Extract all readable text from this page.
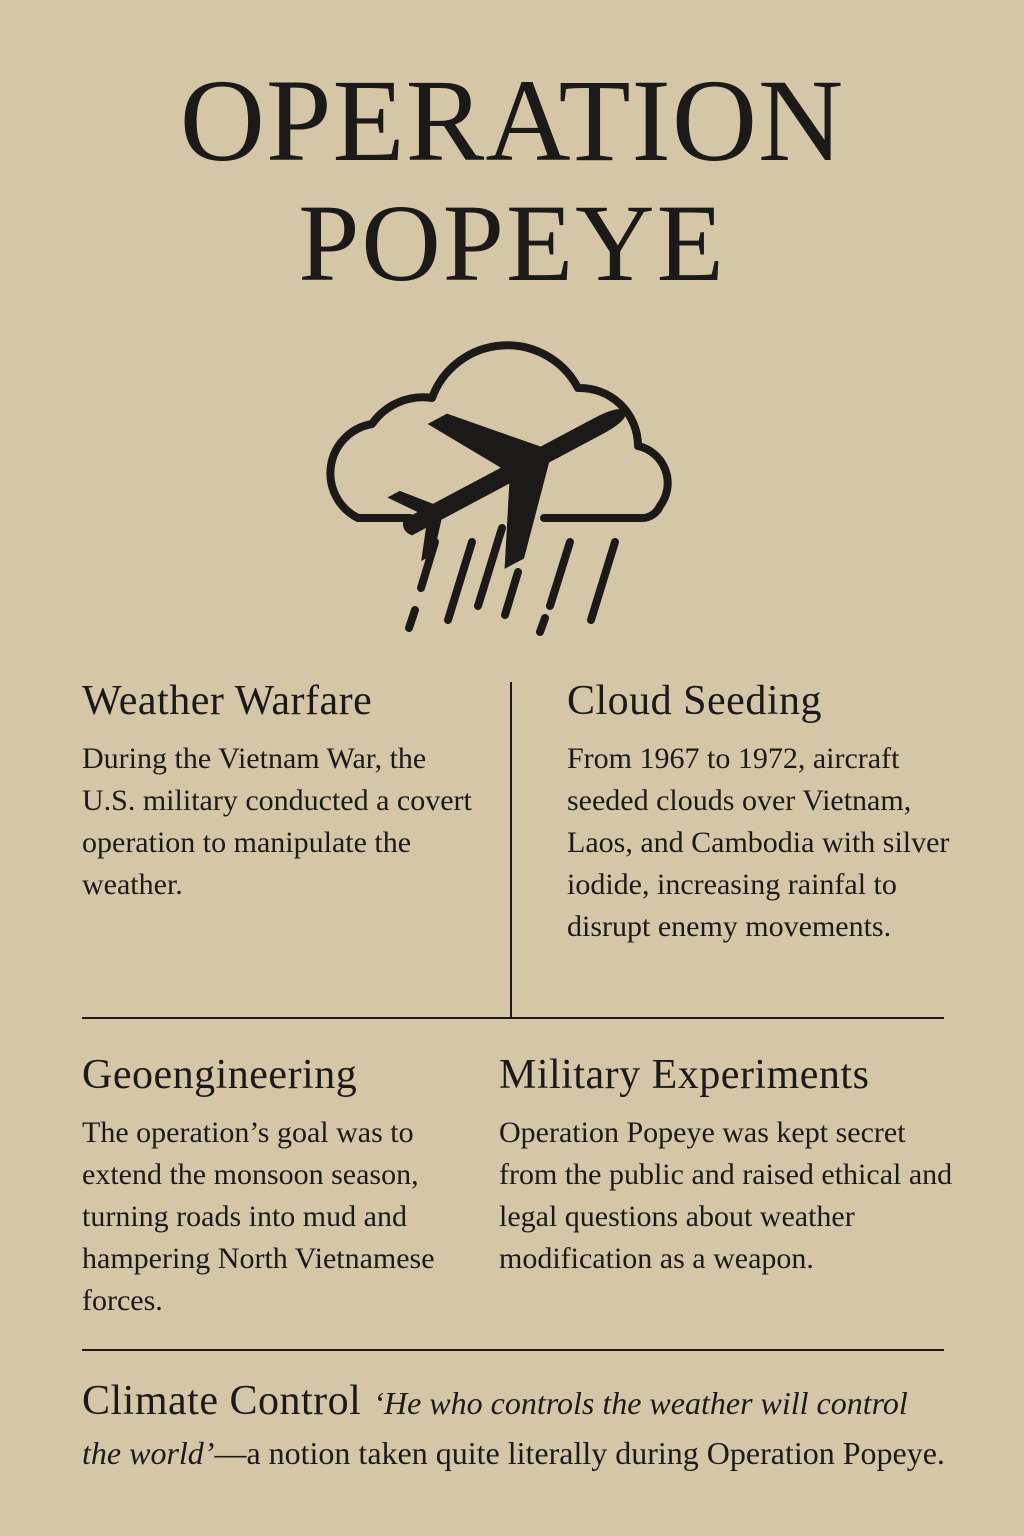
OPERATION
POPEYE
Weather Warfare

During the Vietnam War, the U.S. military conducted a covert operation to manipulate the weather.

Cloud Seeding

From 1967 to 1972, aircraft seeded clouds over Vietnam, Laos, and Cambodia with silver iodide, increasing rainfal to disrupt enemy movements.

Geoengineering

The operation’s goal was to extend the monsoon season, turning roads into mud and hampering North Vietnamese forces.

Military Experiments

Operation Popeye was kept secret from the public and raised ethical and legal questions about weather modification as a weapon.

Climate Control ‘He who controls the weather will control the world’—a notion taken quite literally during Operation Popeye.
